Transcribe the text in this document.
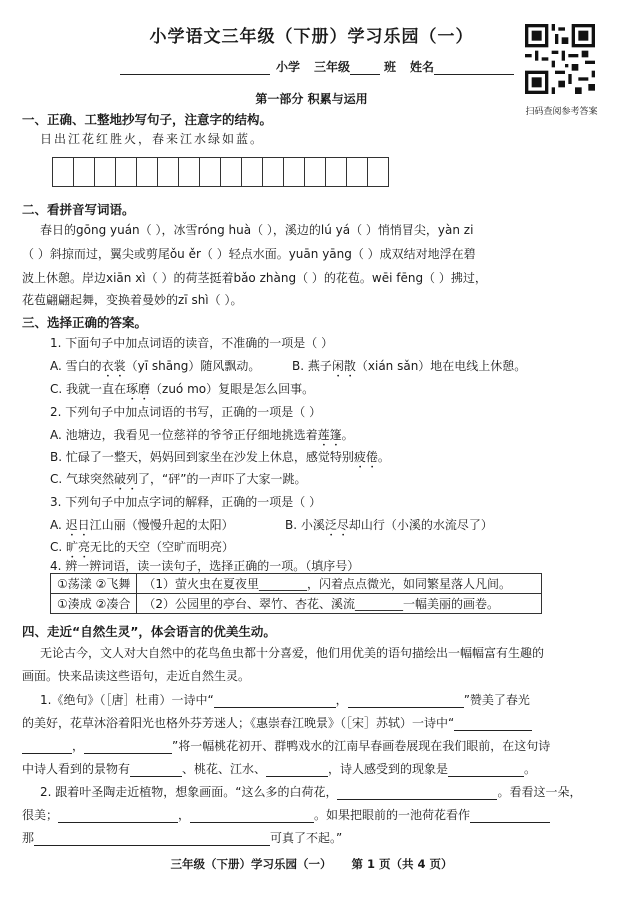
小学语文三年级（下册）学习乐园（一）
扫码查阅参考答案
小学 三年级	班 姓名
第一部分 积累与运用
一、正确、工整地抄写句子，注意字的结构。
日出江花红胜火，春来江水绿如蓝。
二、看拼音写词语。
春日的gōng yuán（ ），冰雪róng huà（ ），溪边的lú yá（ ）悄悄冒尖，yàn zi
（ ）斜掠而过，翼尖或剪尾ǒu ěr（ ）轻点水面。yuān yāng（ ）成双结对地浮在碧
波上休憩。岸边xiān xì（ ）的荷茎挺着bǎo zhàng（ ）的花苞。wēi fēng（ ）拂过，
花苞翩翩起舞，变换着曼妙的zī shì（ ）。
三、选择正确的答案。
1. 下面句子中加点词语的读音，不准确的一项是（ ）
A. 雪白的衣裳（yī shāng）随风飘动。	B. 燕子闲散（xián sǎn）地在电线上休憩。
C. 我就一直在琢磨（zuó mo）复眼是怎么回事。
2. 下列句子中加点词语的书写，正确的一项是（ ）
A. 池塘边，我看见一位慈祥的爷爷正仔细地挑选着莲篷。
B. 忙碌了一整天，妈妈回到家坐在沙发上休息，感觉特别疲倦。
C. 气球突然破列了，“砰”的一声吓了大家一跳。
3. 下列句子中加点字词的解释，正确的一项是（ ）
A. 迟日江山丽（慢慢升起的太阳）	B. 小溪泛尽却山行（小溪的水流尽了）
C. 旷亮无比的天空（空旷而明亮）
4. 辨一辨词语，读一读句子，选择正确的一项。（填序号）
①荡漾 ②飞舞	（1）萤火虫在夏夜里________，闪着点点微光，如同繁星落人凡间。
①湊成 ②凑合	（2）公园里的亭台、翠竹、杏花、溪流________一幅美丽的画卷。
四、走近“自然生灵”，体会语言的优美生动。
无论古今，文人对大自然中的花鸟鱼虫都十分喜爱，他们用优美的语句描绘出一幅幅富有生趣的
画面。快来品读这些语句，走近自然生灵。
1.《绝句》（［唐］杜甫）一诗中“	，	”赞美了春光
的美好，花草沐浴着阳光也格外芬芳迷人；《惠崇春江晚景》（［宋］苏轼）一诗中“
，	”将一幅桃花初开、群鸭戏水的江南早春画卷展现在我们眼前，在这句诗
中诗人看到的景物有	、桃花、江水、	，诗人感受到的现象是	。
2. 跟着叶圣陶走近植物，想象画面。“这么多的白荷花，	。看看这一朵，
很美；	，	。如果把眼前的一池荷花看作
那	可真了不起。”
三年级（下册）学习乐园（一）     第 1 页（共 4 页）
